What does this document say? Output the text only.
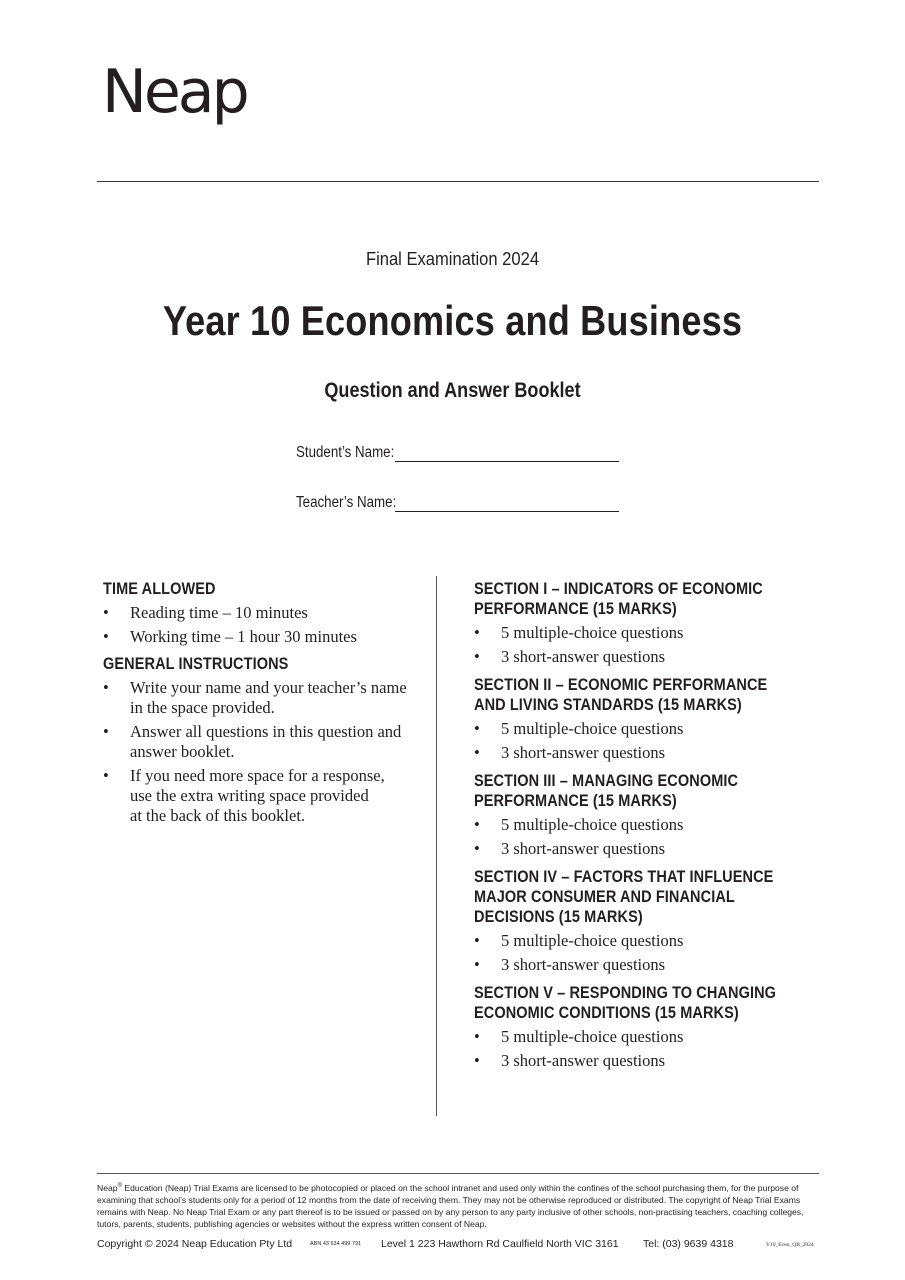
Neap
Final Examination 2024
Year 10 Economics and Business
Question and Answer Booklet
Student’s Name:
Teacher’s Name:
TIME ALLOWED
• Reading time – 10 minutes
• Working time – 1 hour 30 minutes
GENERAL INSTRUCTIONS
• Write your name and your teacher’s name
in the space provided.
• Answer all questions in this question and
answer booklet.
• If you need more space for a response,
use the extra writing space provided
at the back of this booklet.
SECTION I – INDICATORS OF ECONOMIC
PERFORMANCE (15 MARKS)
• 5 multiple-choice questions
• 3 short-answer questions
SECTION II – ECONOMIC PERFORMANCE
AND LIVING STANDARDS (15 MARKS)
• 5 multiple-choice questions
• 3 short-answer questions
SECTION III – MANAGING ECONOMIC
PERFORMANCE (15 MARKS)
• 5 multiple-choice questions
• 3 short-answer questions
SECTION IV – FACTORS THAT INFLUENCE
MAJOR CONSUMER AND FINANCIAL
DECISIONS (15 MARKS)
• 5 multiple-choice questions
• 3 short-answer questions
SECTION V – RESPONDING TO CHANGING
ECONOMIC CONDITIONS (15 MARKS)
• 5 multiple-choice questions
• 3 short-answer questions
Neap® Education (Neap) Trial Exams are licensed to be photocopied or placed on the school intranet and used only within the confines of the school purchasing them, for the purpose of examining that school’s students only for a period of 12 months from the date of receiving them. They may not be otherwise reproduced or distributed. The copyright of Neap Trial Exams remains with Neap. No Neap Trial Exam or any part thereof is to be issued or passed on by any person to any party inclusive of other schools, non-practising teachers, coaching colleges, tutors, parents, students, publishing agencies or websites without the express written consent of Neap.
Copyright © 2024 Neap Education Pty Ltd	ABN 43 634 499 791 Level 1 223 Hawthorn Rd Caulfield North VIC 3161 Tel: (03) 9639 4318	Y10_Econ_QB_2024
